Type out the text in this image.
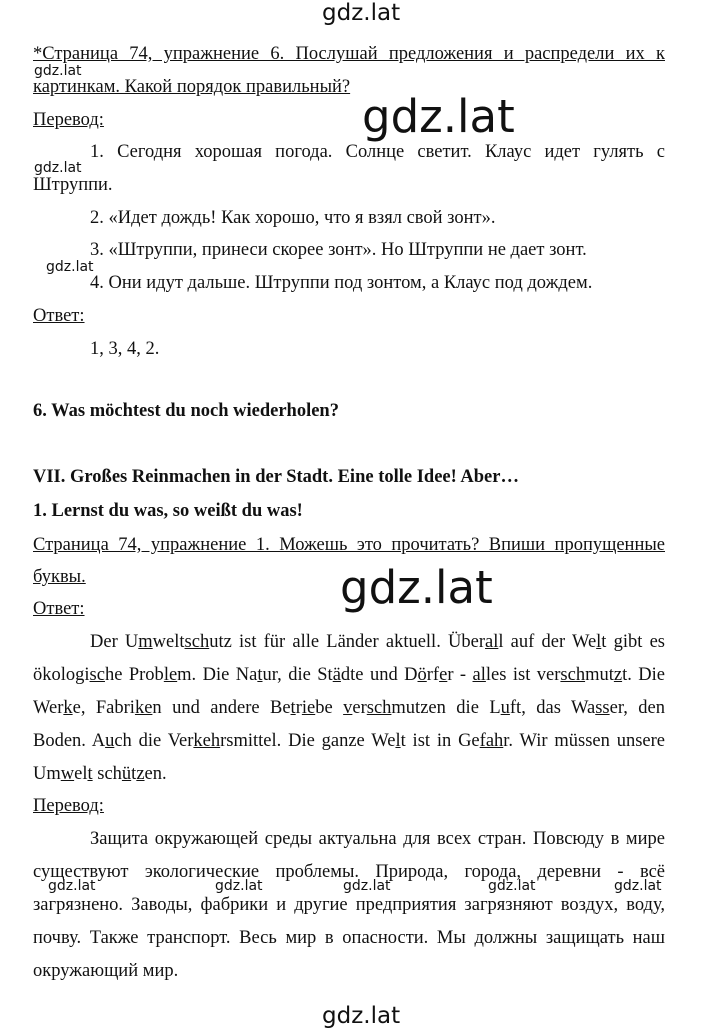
gdz.lat
gdz.lat
gdz.lat
gdz.lat
gdz.lat
gdz.lat
gdz.lat	gdz.lat	gdz.lat	gdz.lat	gdz.lat
gdz.lat
*Страница 74, упражнение 6. Послушай предложения и распредели их к
картинкам. Какой порядок правильный?
Перевод:
1. Сегодня хорошая погода. Солнце светит. Клаус идет гулять с
Штруппи.
2. «Идет дождь! Как хорошо, что я взял свой зонт».
3. «Штруппи, принеси скорее зонт». Но Штруппи не дает зонт.
4. Они идут дальше. Штруппи под зонтом, а Клаус под дождем.
Ответ:
1, 3, 4, 2.
6. Was möchtest du noch wiederholen?
VII. Großes Reinmachen in der Stadt. Eine tolle Idee! Aber…
1. Lernst du was, so weißt du was!
Страница 74, упражнение 1. Можешь это прочитать? Впиши пропущенные
буквы.
Ответ:
Der Umweltschutz ist für alle Länder aktuell. Überall auf der Welt gibt es
ökologische Problem. Die Natur, die Städte und Dörfer - alles ist verschmutzt. Die
Werke, Fabriken und andere Betriebe verschmutzen die Luft, das Wasser, den
Boden. Auch die Verkehrsmittel. Die ganze Welt ist in Gefahr. Wir müssen unsere
Umwelt schützen.
Перевод:
Защита окружающей среды актуальна для всех стран. Повсюду в мире
существуют экологические проблемы. Природа, города, деревни - всё
загрязнено. Заводы, фабрики и другие предприятия загрязняют воздух, воду,
почву. Также транспорт. Весь мир в опасности. Мы должны защищать наш
окружающий мир.
